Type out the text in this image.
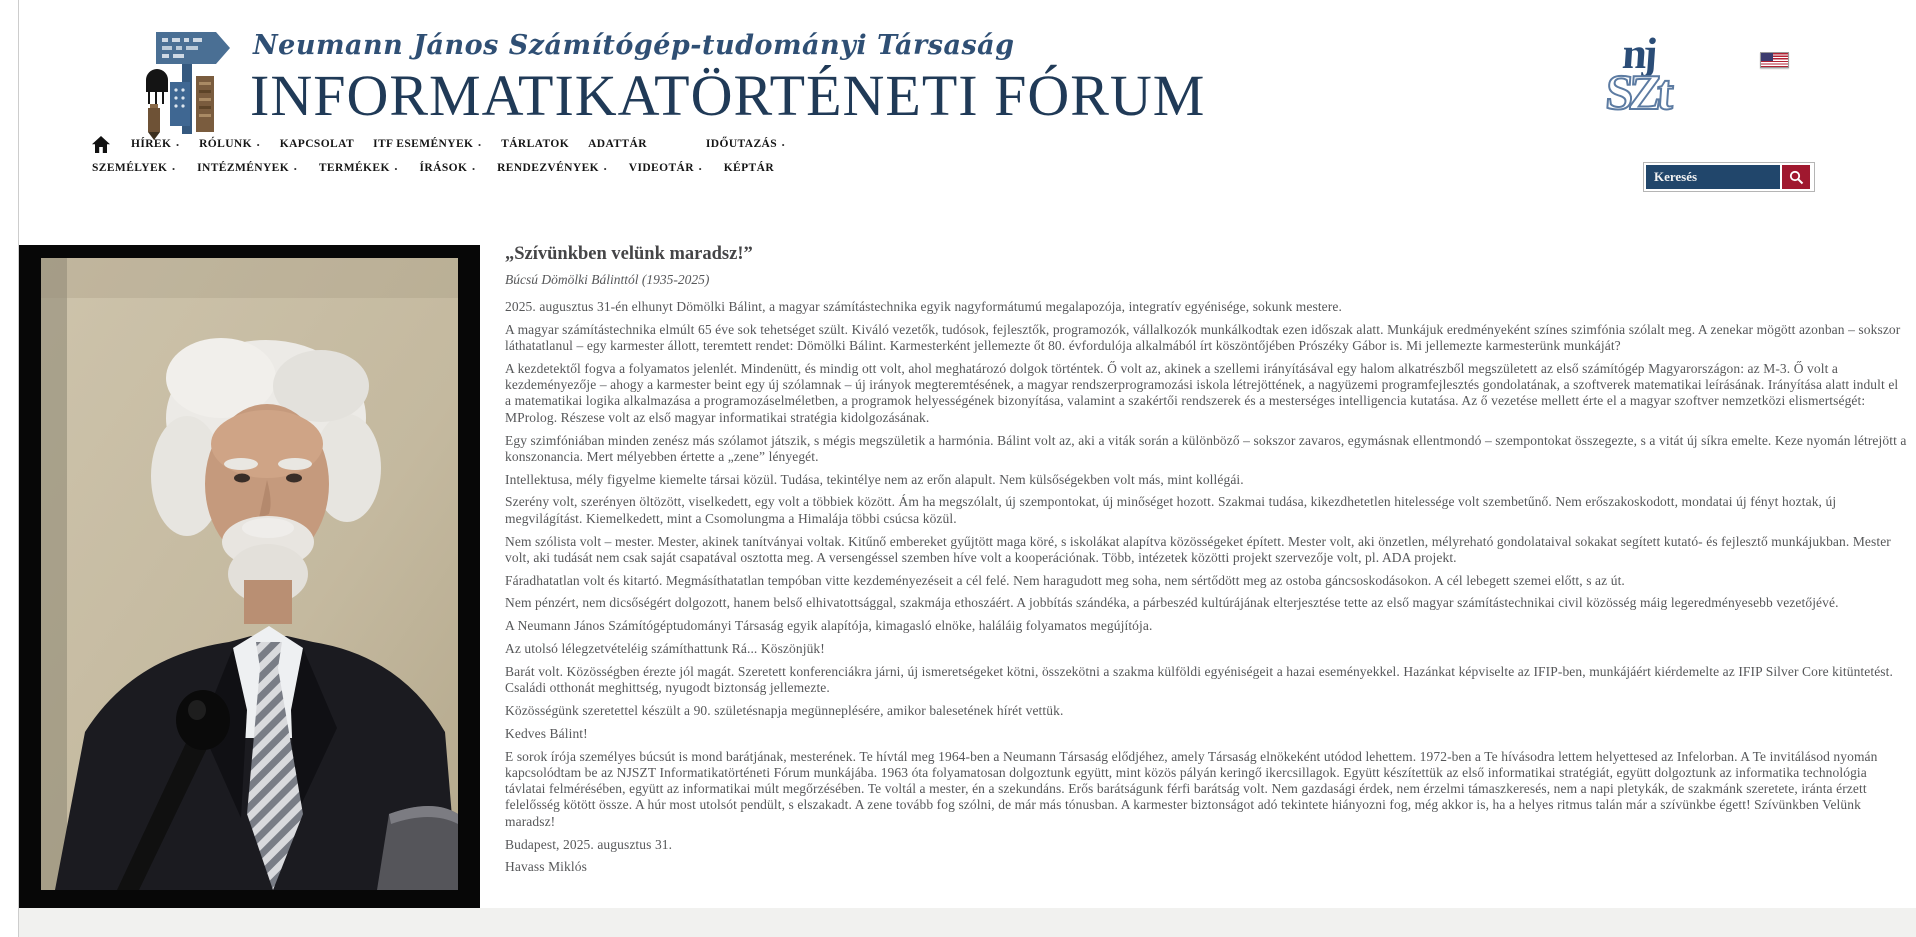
Neumann János Számítógép-tudományi Társaság
INFORMATIKATÖRTÉNETI FÓRUM
nj
SZt
Keresés
HÍREK · RÓLUNK · KAPCSOLAT ITF ESEMÉNYEK · TÁRLATOK ADATTÁR	IDŐUTAZÁS ·
SZEMÉLYEK · INTÉZMÉNYEK · TERMÉKEK · ÍRÁSOK · RENDEZVÉNYEK · VIDEOTÁR · KÉPTÁR
„Szívünkben velünk maradsz!”
Búcsú Dömölki Bálinttól (1935-2025)

2025. augusztus 31-én elhunyt Dömölki Bálint, a magyar számítástechnika egyik nagyformátumú megalapozója, integratív egyénisége, sokunk mestere.

A magyar számítástechnika elmúlt 65 éve sok tehetséget szült. Kiváló vezetők, tudósok, fejlesztők, programozók, vállalkozók munkálkodtak ezen időszak alatt. Munkájuk eredményeként színes szimfónia szólalt meg. A zenekar mögött azonban – sokszor láthatatlanul – egy karmester állott, teremtett rendet: Dömölki Bálint. Karmesterként jellemezte őt 80. évfordulója alkalmából írt köszöntőjében Prószéky Gábor is. Mi jellemezte karmesterünk munkáját?

A kezdetektől fogva a folyamatos jelenlét. Mindenütt, és mindig ott volt, ahol meghatározó dolgok történtek. Ő volt az, akinek a szellemi irányításával egy halom alkatrészből megszületett az első számítógép Magyarországon: az M-3. Ő volt a kezdeményezője – ahogy a karmester beint egy új szólamnak – új irányok megteremtésének, a magyar rendszerprogramozási iskola létrejöttének, a nagyüzemi programfejlesztés gondolatának, a szoftverek matematikai leírásának. Irányítása alatt indult el a matematikai logika alkalmazása a programozáselméletben, a programok helyességének bizonyítása, valamint a szakértői rendszerek és a mesterséges intelligencia kutatása. Az ő vezetése mellett érte el a magyar szoftver nemzetközi elismertségét: MProlog. Részese volt az első magyar informatikai stratégia kidolgozásának.

Egy szimfóniában minden zenész más szólamot játszik, s mégis megszületik a harmónia. Bálint volt az, aki a viták során a különböző – sokszor zavaros, egymásnak ellentmondó – szempontokat összegezte, s a vitát új síkra emelte. Keze nyomán létrejött a konszonancia. Mert mélyebben értette a „zene” lényegét.

Intellektusa, mély figyelme kiemelte társai közül. Tudása, tekintélye nem az erőn alapult. Nem külsőségekben volt más, mint kollégái.

Szerény volt, szerényen öltözött, viselkedett, egy volt a többiek között. Ám ha megszólalt, új szempontokat, új minőséget hozott. Szakmai tudása, kikezdhetetlen hitelessége volt szembetűnő. Nem erőszakoskodott, mondatai új fényt hoztak, új megvilágítást. Kiemelkedett, mint a Csomolungma a Himalája többi csúcsa közül.

Nem szólista volt – mester. Mester, akinek tanítványai voltak. Kitűnő embereket gyűjtött maga köré, s iskolákat alapítva közösségeket épített. Mester volt, aki önzetlen, mélyreható gondolataival sokakat segített kutató- és fejlesztő munkájukban. Mester volt, aki tudását nem csak saját csapatával osztotta meg. A versengéssel szemben híve volt a kooperációnak. Több, intézetek közötti projekt szervezője volt, pl. ADA projekt.

Fáradhatatlan volt és kitartó. Megmásíthatatlan tempóban vitte kezdeményezéseit a cél felé. Nem haragudott meg soha, nem sértődött meg az ostoba gáncsoskodásokon. A cél lebegett szemei előtt, s az út.

Nem pénzért, nem dicsőségért dolgozott, hanem belső elhivatottsággal, szakmája ethoszáért. A jobbítás szándéka, a párbeszéd kultúrájának elterjesztése tette az első magyar számítástechnikai civil közösség máig legeredményesebb vezetőjévé.

A Neumann János Számítógéptudományi Társaság egyik alapítója, kimagasló elnöke, haláláig folyamatos megújítója.

Az utolsó lélegzetvételéig számíthattunk Rá... Köszönjük!

Barát volt. Közösségben érezte jól magát. Szeretett konferenciákra járni, új ismeretségeket kötni, összekötni a szakma külföldi egyéniségeit a hazai eseményekkel. Hazánkat képviselte az IFIP-ben, munkájáért kiérdemelte az IFIP Silver Core kitüntetést. Családi otthonát meghittség, nyugodt biztonság jellemezte.

Közösségünk szeretettel készült a 90. születésnapja megünneplésére, amikor balesetének hírét vettük.

Kedves Bálint!

E sorok írója személyes búcsút is mond barátjának, mesterének. Te hívtál meg 1964-ben a Neumann Társaság elődjéhez, amely Társaság elnökeként utódod lehettem. 1972-ben a Te hívásodra lettem helyettesed az Infelorban. A Te invitálásod nyomán kapcsolódtam be az NJSZT Informatikatörténeti Fórum munkájába. 1963 óta folyamatosan dolgoztunk együtt, mint közös pályán keringő ikercsillagok. Együtt készítettük az első informatikai stratégiát, együtt dolgoztunk az informatika technológia távlatai felmérésében, együtt az informatikai múlt megőrzésében. Te voltál a mester, én a szekundáns. Erős barátságunk férfi barátság volt. Nem gazdasági érdek, nem érzelmi támaszkeresés, nem a napi pletykák, de szakmánk szeretete, iránta érzett felelősség kötött össze. A húr most utolsót pendült, s elszakadt. A zene tovább fog szólni, de már más tónusban. A karmester biztonságot adó tekintete hiányozni fog, még akkor is, ha a helyes ritmus talán már a szívünkbe égett! Szívünkben Velünk maradsz!

Budapest, 2025. augusztus 31.

Havass Miklós
